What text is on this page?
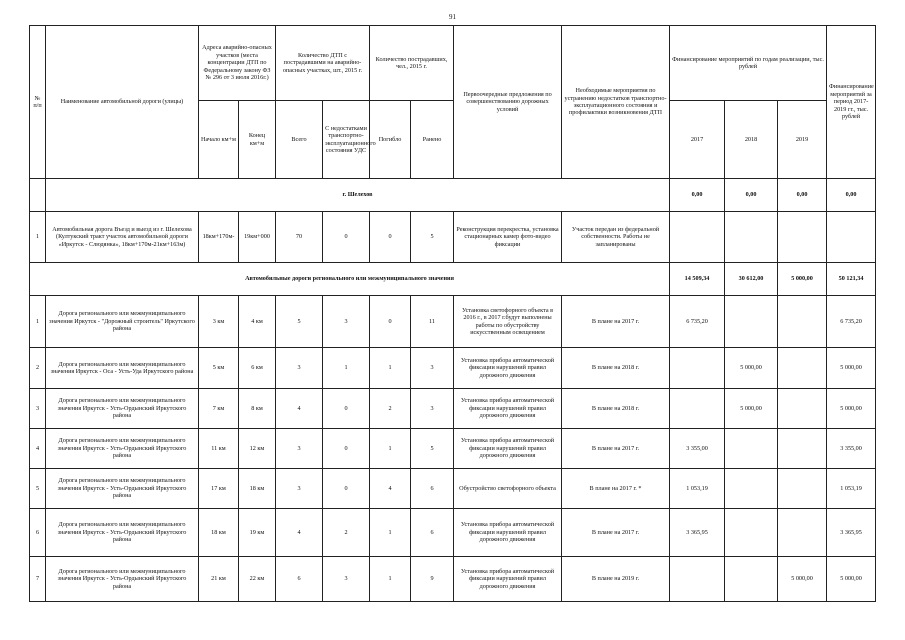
91
№ п/п	Наименование автомобильной дороги (улицы)	Адреса аварийно-опасных участков (места концентрации ДТП по Федеральному закону ФЗ № 296 от 3 июля 2016г.)		Количество ДТП с пострадавшими на аварийно-опасных участках, шт., 2015 г.		Количество пострадавших, чел., 2015 г.		Первоочередные предложения по совершенствованию дорожных условий	Необходимые мероприятия по устранению недостатков транспортно-эксплуатационного состояния и профилактики возникновения ДТП	Финансирование мероприятий по годам реализации, тыс. рублей			Финансирование мероприятий за период 2017-2019 гг., тыс. рублей
		Начало км+м	Конец км+м	Всего	С недостатками транспортно-эксплуатационного состояния УДС	Погибло	Ранено			2017	2018	2019	
	г. Шелехов									0,00	0,00	0,00	0,00
1	Автомобильная дорога Въезд и выезд из г. Шелехова (Култукский тракт участок автомобильной дороги «Иркутск - Слюдянка», 18км+170м-21км+163м)	18км+170м-	19км+000	70	0	0	5	Реконструкция перекрестка, установка стационарных камер фото-видео фиксации	Участок передан из федеральной собственности. Работы не запланированы				
Автомобильные дороги регионального или межмуниципального значения										14 509,34	30 612,00	5 000,00	50 121,34
1	Дорога регионального или межмуниципального значения Иркутск - "Дорожный строитель" Иркутского района	3 км	4 км	5	3	0	11	Установка светофорного объекта в 2016 г., в 2017 г.будут выполнены работы по обустройству искусственным освещением	В плане на 2017 г.	6 735,20			6 735,20
2	Дорога регионального или межмуниципального значения Иркутск - Оса - Усть-Уда Иркутского района	5 км	6 км	3	1	1	3	Установка прибора автоматической фиксации нарушений правил дорожного движения	В плане на 2018 г.		5 000,00		5 000,00
3	Дорога регионального или межмуниципального значения Иркутск - Усть-Ордынский Иркутского района	7 км	8 км	4	0	2	3	Установка прибора автоматической фиксации нарушений правил дорожного движения	В плане на 2018 г.		5 000,00		5 000,00
4	Дорога регионального или межмуниципального значения Иркутск - Усть-Ордынский Иркутского района	11 км	12 км	3	0	1	5	Установка прибора автоматической фиксации нарушений правил дорожного движения	В плане на 2017 г.	3 355,00			3 355,00
5	Дорога регионального или межмуниципального значения Иркутск - Усть-Ордынский Иркутского района	17 км	18 км	3	0	4	6	Обустройство светофорного объекта	В плане на 2017 г. *	1 053,19			1 053,19
6	Дорога регионального или межмуниципального значения Иркутск - Усть-Ордынский Иркутского района	18 км	19 км	4	2	1	6	Установка прибора автоматической фиксации нарушений правил дорожного движения	В плане на 2017 г.	3 365,95			3 365,95
7	Дорога регионального или межмуниципального значения Иркутск - Усть-Ордынский Иркутского района	21 км	22 км	6	3	1	9	Установка прибора автоматической фиксации нарушений правил дорожного движения	В плане на 2019 г.			5 000,00	5 000,00
